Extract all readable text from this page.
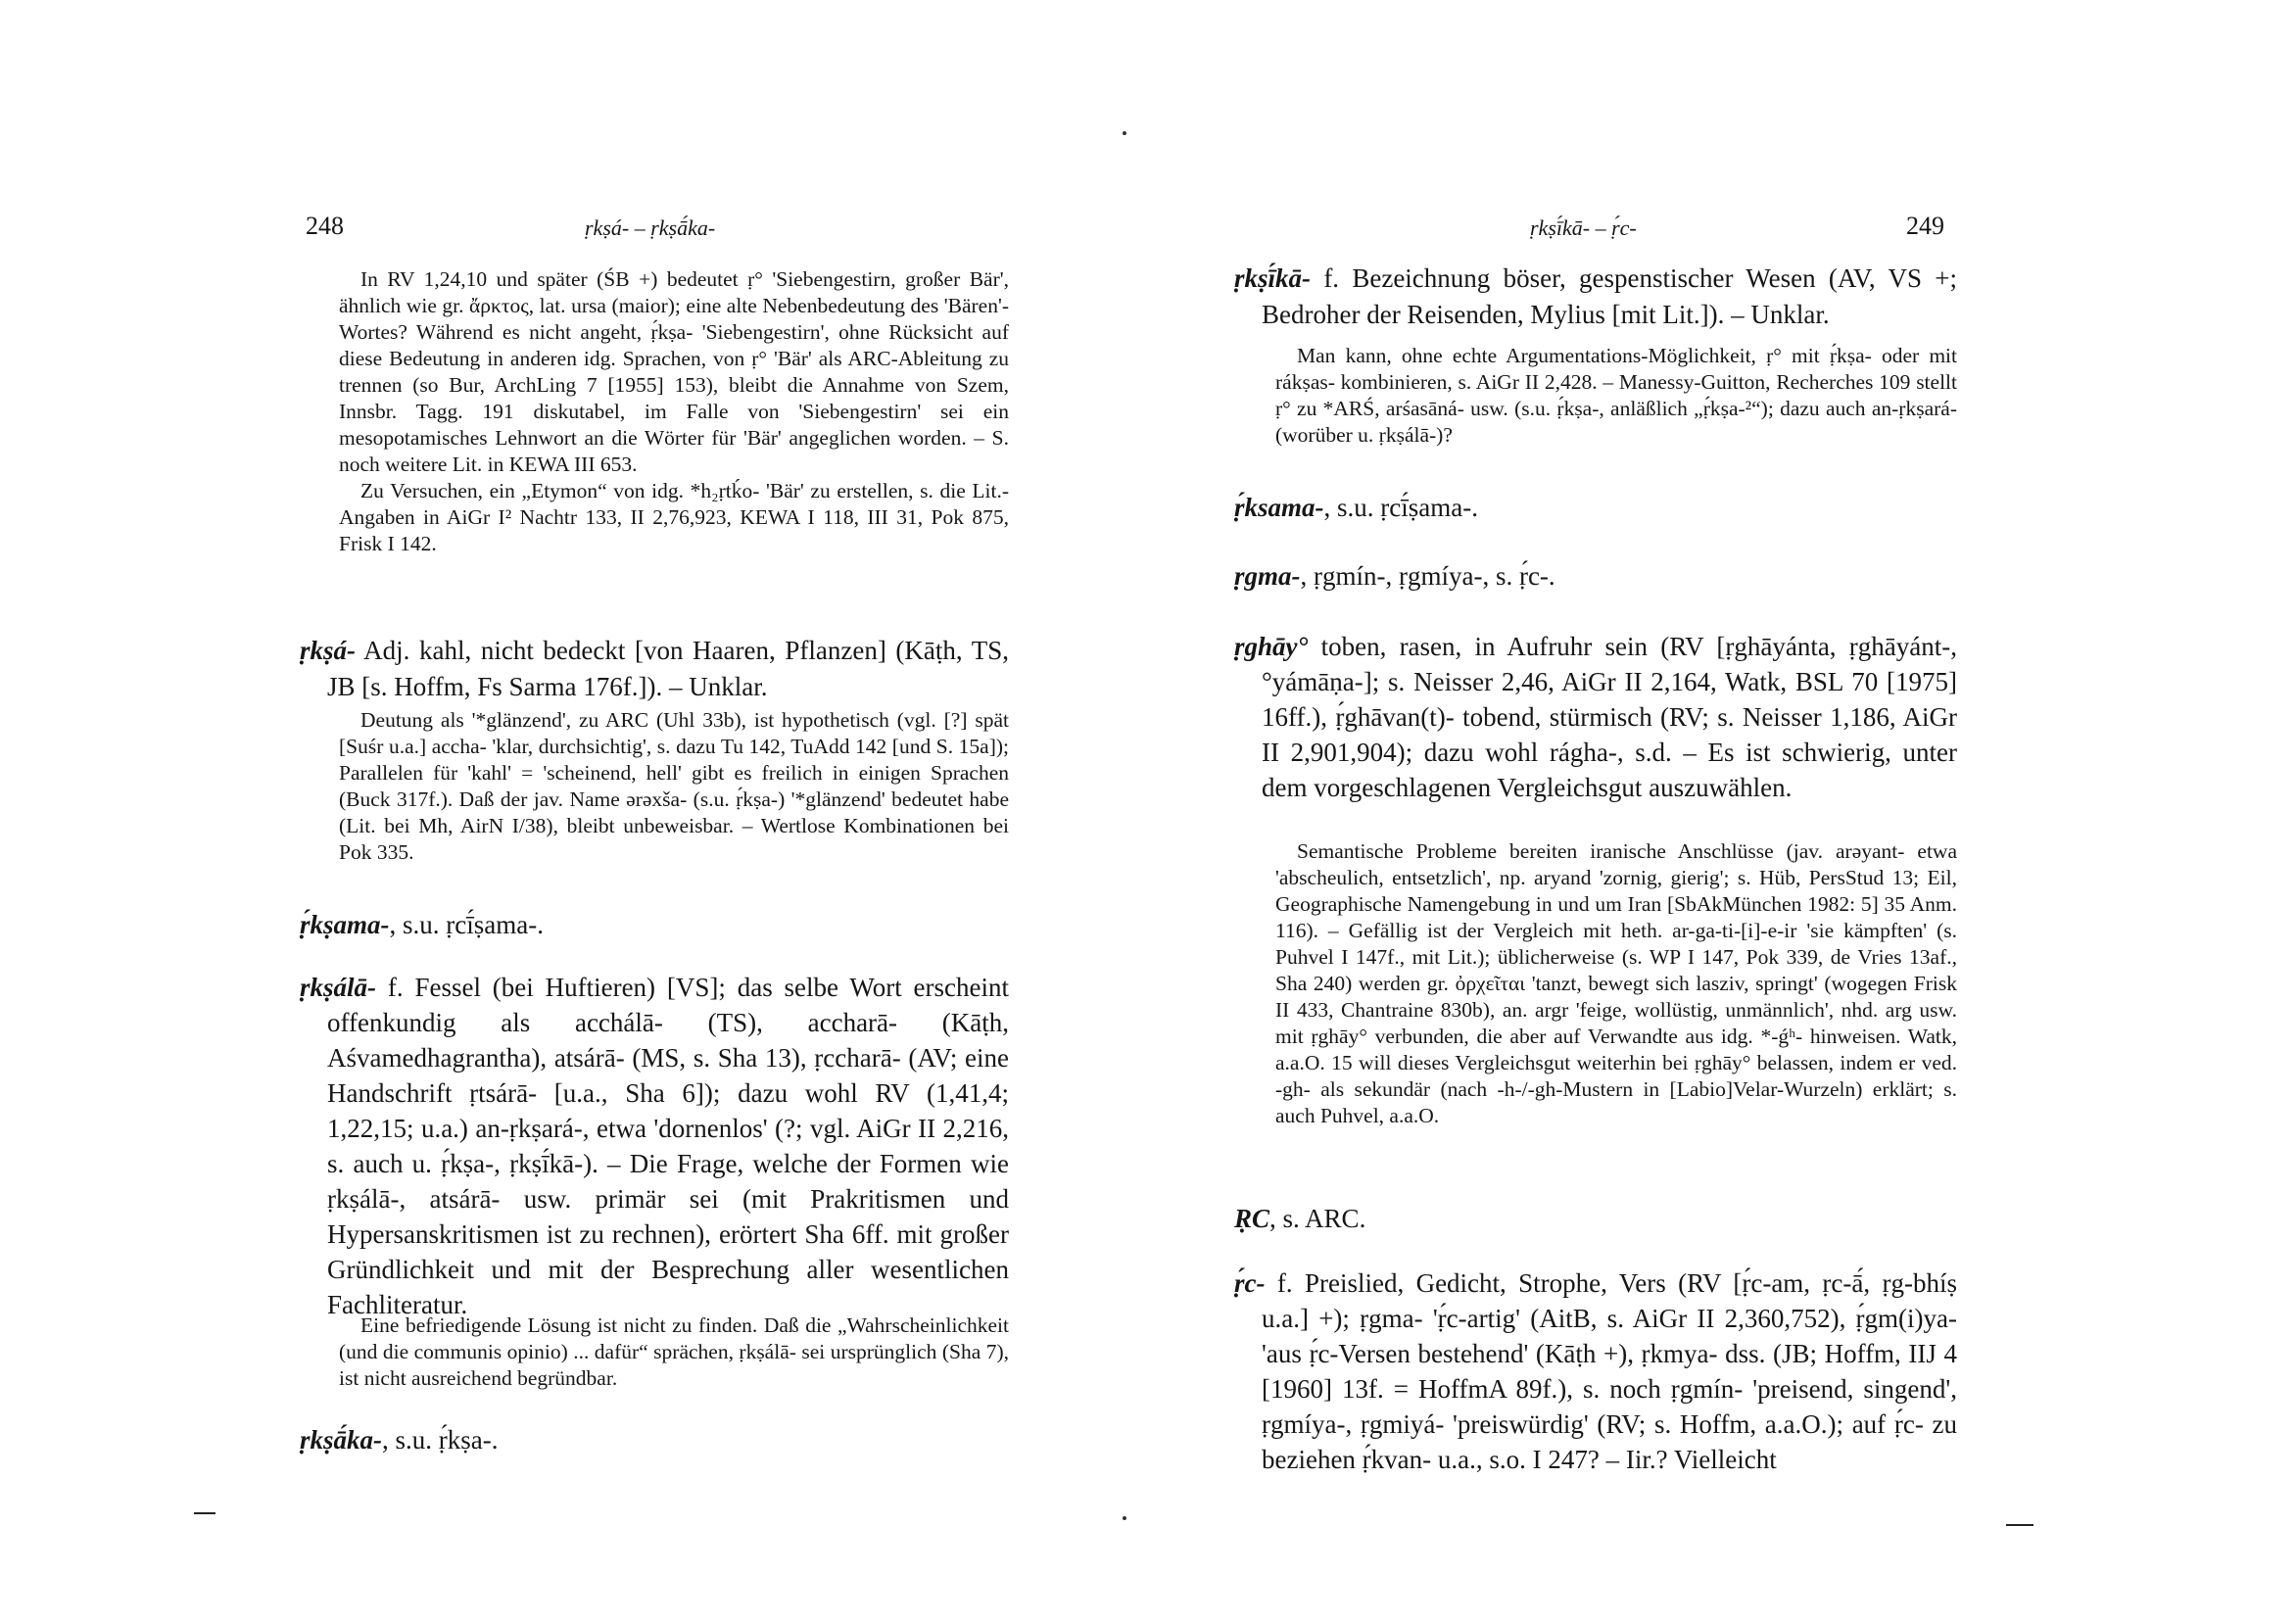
248	ṛkṣá- – ṛkṣā́ka-

In RV 1,24,10 und später (ŚB +) bedeutet ṛ° 'Siebengestirn, großer Bär', ähnlich wie gr. ἄρκτος, lat. ursa (maior); eine alte Nebenbedeutung des 'Bären'-Wortes? Während es nicht angeht, ṛ́kṣa- 'Siebengestirn', ohne Rücksicht auf diese Bedeutung in anderen idg. Sprachen, von ṛ° 'Bär' als ARC-Ableitung zu trennen (so Bur, ArchLing 7 [1955] 153), bleibt die Annahme von Szem, Innsbr. Tagg. 191 diskutabel, im Falle von 'Siebengestirn' sei ein mesopotamisches Lehnwort an die Wörter für 'Bär' angeglichen worden. – S. noch weitere Lit. in KEWA III 653.

Zu Versuchen, ein „Etymon“ von idg. *h₂ṛtḱo- 'Bär' zu erstellen, s. die Lit.-Angaben in AiGr I² Nachtr 133, II 2,76,923, KEWA I 118, III 31, Pok 875, Frisk I 142.

ṛkṣá- Adj. kahl, nicht bedeckt [von Haaren, Pflanzen] (Kāṭh, TS, JB [s. Hoffm, Fs Sarma 176f.]). – Unklar.

Deutung als '*glänzend', zu ARC (Uhl 33b), ist hypothetisch (vgl. [?] spät [Suśr u.a.] accha- 'klar, durchsichtig', s. dazu Tu 142, TuAdd 142 [und S. 15a]); Parallelen für 'kahl' = 'scheinend, hell' gibt es freilich in einigen Sprachen (Buck 317f.). Daß der jav. Name ərəxša- (s.u. ṛ́kṣa-) '*glänzend' bedeutet habe (Lit. bei Mh, AirN I/38), bleibt unbeweisbar. – Wertlose Kombinationen bei Pok 335.

ṛ́kṣama-, s.u. ṛcī́ṣama-.
ṛkṣálā- f. Fessel (bei Huftieren) [VS]; das selbe Wort erscheint offenkundig als acchálā- (TS), accharā- (Kāṭh, Aśvamedhagrantha), atsárā- (MS, s. Sha 13), ṛccharā- (AV; eine Handschrift ṛtsárā- [u.a., Sha 6]); dazu wohl RV (1,41,4; 1,22,15; u.a.) an-ṛkṣará-, etwa 'dornenlos' (?; vgl. AiGr II 2,216, s. auch u. ṛ́kṣa-, ṛkṣī́kā-). – Die Frage, welche der Formen wie ṛkṣálā-, atsárā- usw. primär sei (mit Prakritismen und Hypersanskritismen ist zu rechnen), erörtert Sha 6ff. mit großer Gründlichkeit und mit der Besprechung aller wesentlichen Fachliteratur.

Eine befriedigende Lösung ist nicht zu finden. Daß die „Wahrscheinlichkeit (und die communis opinio) ... dafür“ sprächen, ṛkṣálā- sei ursprünglich (Sha 7), ist nicht ausreichend begründbar.

ṛkṣā́ka-, s.u. ṛ́kṣa-.
ṛkṣī́kā- – ṛ́c-	249
ṛkṣī́kā- f. Bezeichnung böser, gespenstischer Wesen (AV, VS +; Bedroher der Reisenden, Mylius [mit Lit.]). – Unklar.

Man kann, ohne echte Argumentations-Möglichkeit, ṛ° mit ṛ́kṣa- oder mit rákṣas- kombinieren, s. AiGr II 2,428. – Manessy-Guitton, Recherches 109 stellt ṛ° zu *ARŚ, arśasāná- usw. (s.u. ṛ́kṣa-, anläßlich „ṛ́kṣa-²“); dazu auch an-ṛkṣará- (worüber u. ṛkṣálā-)?

ṛ́ksama-, s.u. ṛcī́ṣama-.
ṛgma-, ṛgmín-, ṛgmíya-, s. ṛ́c-.
ṛghāy° toben, rasen, in Aufruhr sein (RV [ṛghāyánta, ṛghāyánt-, °yámāṇa-]; s. Neisser 2,46, AiGr II 2,164, Watk, BSL 70 [1975] 16ff.), ṛ́ghāvan(t)- tobend, stürmisch (RV; s. Neisser 1,186, AiGr II 2,901,904); dazu wohl rágha-, s.d. – Es ist schwierig, unter dem vorgeschlagenen Vergleichsgut auszuwählen.

Semantische Probleme bereiten iranische Anschlüsse (jav. arəyant- etwa 'abscheulich, entsetzlich', np. aryand 'zornig, gierig'; s. Hüb, PersStud 13; Eil, Geographische Namengebung in und um Iran [SbAkMünchen 1982: 5] 35 Anm. 116). – Gefällig ist der Vergleich mit heth. ar-ga-ti-[i]-e-ir 'sie kämpften' (s. Puhvel I 147f., mit Lit.); üblicherweise (s. WP I 147, Pok 339, de Vries 13af., Sha 240) werden gr. ὀρχεῖται 'tanzt, bewegt sich lasziv, springt' (wogegen Frisk II 433, Chantraine 830b), an. argr 'feige, wollüstig, unmännlich', nhd. arg usw. mit ṛghāy° verbunden, die aber auf Verwandte aus idg. *-ǵʰ- hinweisen. Watk, a.a.O. 15 will dieses Vergleichsgut weiterhin bei ṛghāy° belassen, indem er ved. -gh- als sekundär (nach -h-/-gh-Mustern in [Labio]Velar-Wurzeln) erklärt; s. auch Puhvel, a.a.O.

ṚC, s. ARC.
ṛ́c- f. Preislied, Gedicht, Strophe, Vers (RV [ṛ́c-am, ṛc-ā́, ṛg-bhíṣ u.a.] +); ṛgma- 'ṛ́c-artig' (AitB, s. AiGr II 2,360,752), ṛ́gm(i)ya- 'aus ṛ́c-Versen bestehend' (Kāṭh +), ṛkmya- dss. (JB; Hoffm, IIJ 4 [1960] 13f. = HoffmA 89f.), s. noch ṛgmín- 'preisend, singend', ṛgmíya-, ṛgmiyá- 'preiswürdig' (RV; s. Hoffm, a.a.O.); auf ṛ́c- zu beziehen ṛ́kvan- u.a., s.o. I 247? – Iir.? Vielleicht
